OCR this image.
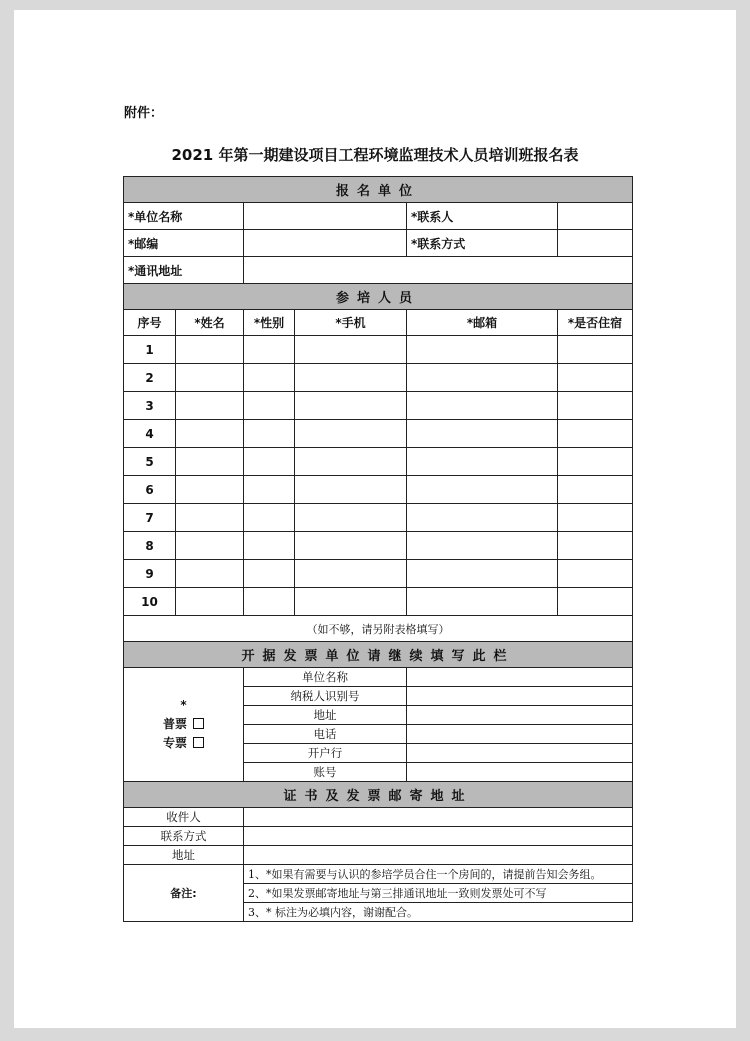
附件：
2021 年第一期建设项目工程环境监理技术人员培训班报名表
报名单位					
*单位名称				*联系人	
*邮编				*联系方式	
*通讯地址					
参培人员					
序号	*姓名	*性别	*手机	*邮箱	*是否住宿
1					
2					
3					
4					
5					
6					
7					
8					
9					
10					
（如不够，请另附表格填写）					
开据发票单位请继续填写此栏					

*
普票
专票		单位名称			
		纳税人识别号			
		地址			
		电话			
		开户行			
		账号			
证书及发票邮寄地址					
收件人					
联系方式					
地址					
备注:		1、*如果有需要与认识的参培学员合住一个房间的，请提前告知会务组。			
		2、*如果发票邮寄地址与第三排通讯地址一致则发票处可不写			
		3、* 标注为必填内容，谢谢配合。			
